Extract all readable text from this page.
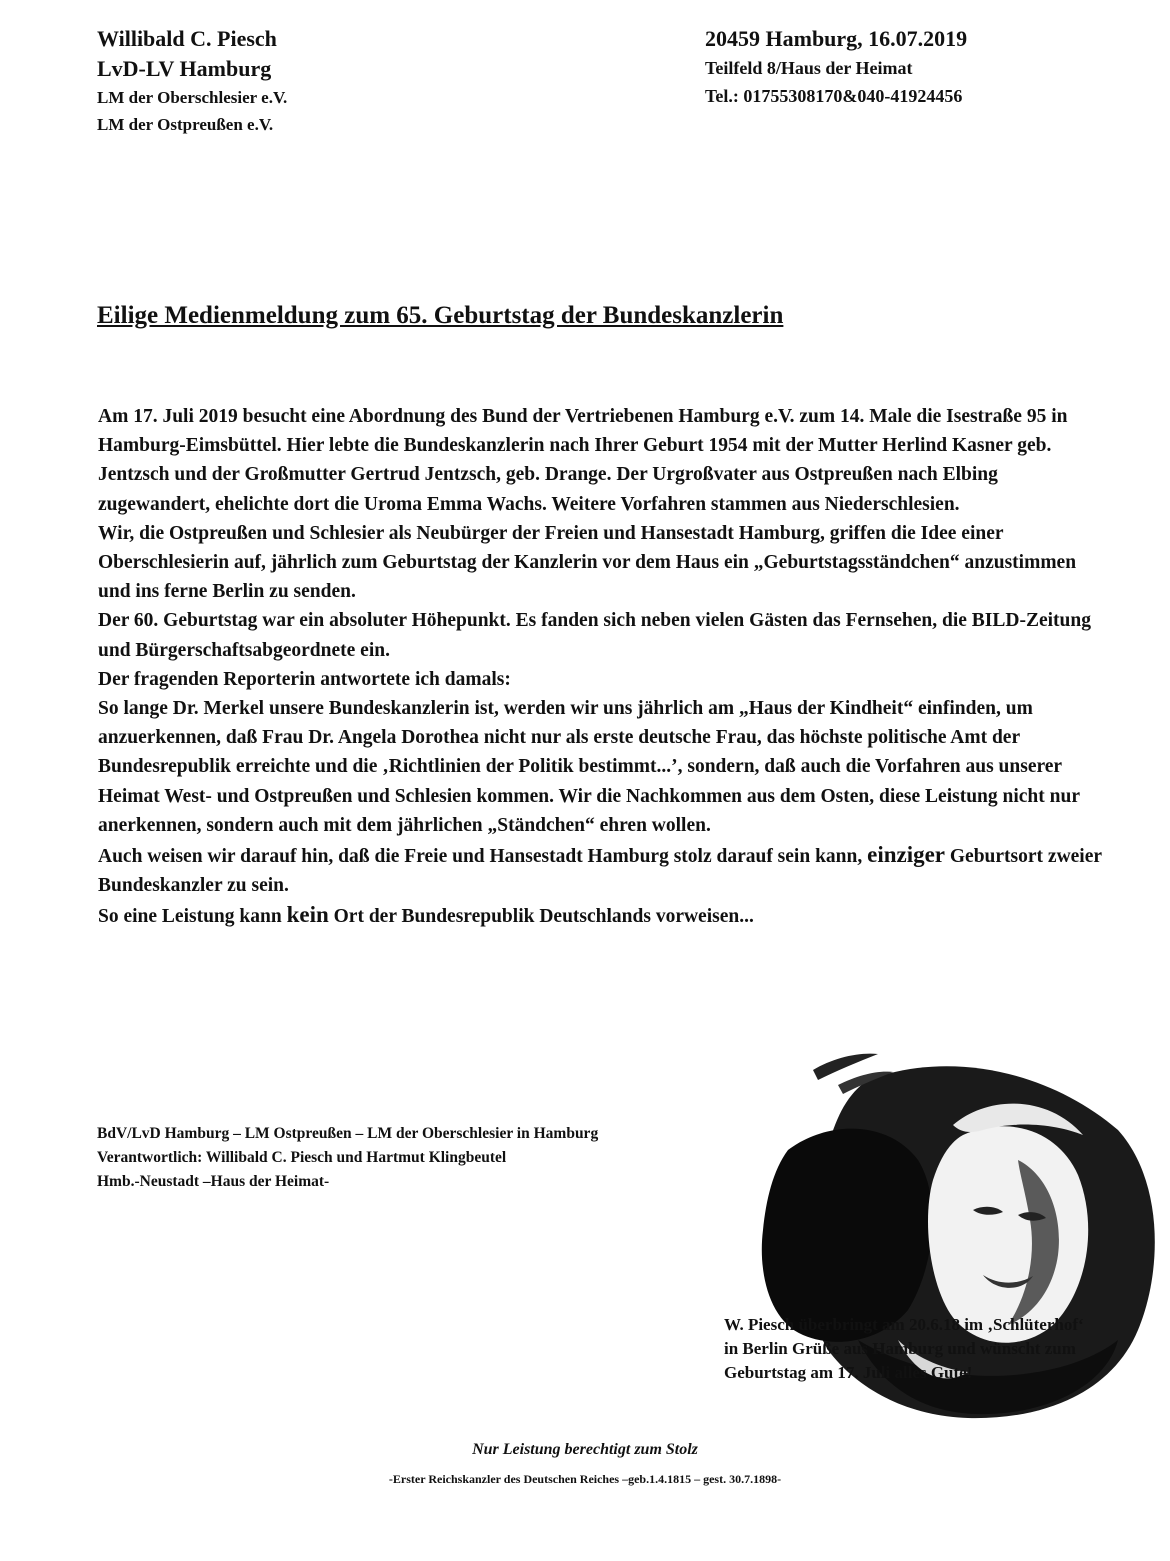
Willibald C. Piesch
LvD-LV Hamburg
LM der Oberschlesier e.V.
LM der Ostpreußen e.V.
20459 Hamburg, 16.07.2019
Teilfeld 8/Haus der Heimat
Tel.: 01755308170&040-41924456
Eilige Medienmeldung zum 65. Geburtstag der Bundeskanzlerin

Am 17. Juli 2019 besucht eine Abordnung des Bund der Vertriebenen Hamburg e.V. zum 14. Male die Isestraße 95 in Hamburg-Eimsbüttel. Hier lebte die Bundeskanzlerin nach Ihrer Geburt 1954 mit der Mutter Herlind Kasner geb. Jentzsch und der Großmutter Gertrud Jentzsch, geb. Drange. Der Urgroßvater aus Ostpreußen nach Elbing zugewandert, ehelichte dort die Uroma Emma Wachs. Weitere Vorfahren stammen aus Niederschlesien.

Wir, die Ostpreußen und Schlesier als Neubürger der Freien und Hansestadt Hamburg, griffen die Idee einer Oberschlesierin auf, jährlich zum Geburtstag der Kanzlerin vor dem Haus ein „Geburtstagsständchen“ anzustimmen und ins ferne Berlin zu senden.

Der 60. Geburtstag war ein absoluter Höhepunkt. Es fanden sich neben vielen Gästen das Fernsehen, die BILD-Zeitung und Bürgerschaftsabgeordnete ein.

Der fragenden Reporterin antwortete ich damals:

So lange Dr. Merkel unsere Bundeskanzlerin ist, werden wir uns jährlich am „Haus der Kindheit“ einfinden, um anzuerkennen, daß Frau Dr. Angela Dorothea nicht nur als erste deutsche Frau, das höchste politische Amt der Bundesrepublik erreichte und die ‚Richtlinien der Politik bestimmt...’, sondern, daß auch die Vorfahren aus unserer Heimat West- und Ostpreußen und Schlesien kommen. Wir die Nachkommen aus dem Osten, diese Leistung nicht nur anerkennen, sondern auch mit dem jährlichen „Ständchen“ ehren wollen.

Auch weisen wir darauf hin, daß die Freie und Hansestadt Hamburg stolz darauf sein kann, einziger Geburtsort zweier Bundeskanzler zu sein.

So eine Leistung kann kein Ort der Bundesrepublik Deutschlands vorweisen...

BdV/LvD Hamburg – LM Ostpreußen – LM der Oberschlesier in Hamburg
Verantwortlich: Willibald C. Piesch und Hartmut Klingbeutel
Hmb.-Neustadt –Haus der Heimat-
W. Piesch überbringt am 20.6.18 im ‚Schlüterhof‘
in Berlin Grüße aus Hamburg und wünscht zum
Geburtstag am 17. Juli alles Gute!
Nur Leistung berechtigt zum Stolz
-Erster Reichskanzler des Deutschen Reiches –geb.1.4.1815 – gest. 30.7.1898-
